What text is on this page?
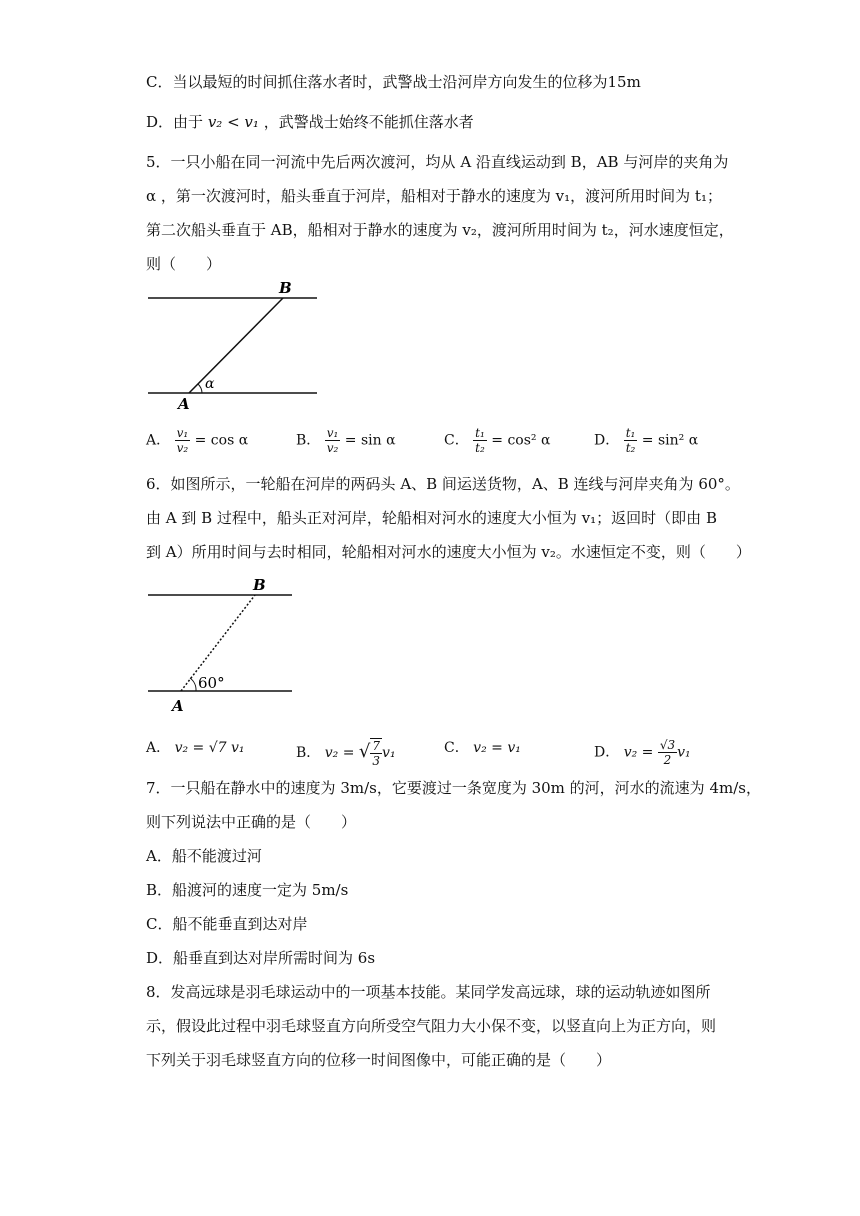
C．当以最短的时间抓住落水者时，武警战士沿河岸方向发生的位移为15m
D．由于 v₂ < v₁ ，武警战士始终不能抓住落水者
5．一只小船在同一河流中先后两次渡河，均从 A 沿直线运动到 B，AB 与河岸的夹角为
α ，第一次渡河时，船头垂直于河岸，船相对于静水的速度为 v₁，渡河所用时间为 t₁；
第二次船头垂直于 AB，船相对于静水的速度为 v₂，渡河所用时间为 t₂，河水速度恒定，
则（　　）
B
A
α
A． $\frac{\text{v₁}}{\text{v₂}} = \cos \alpha$	B． $\frac{\text{v₁}}{\text{v₂}} = \sin \alpha$	C． $\frac{\text{t₁}}{\text{t₂}} = \cos^2$ α	D． $\frac{\text{t₁}}{\text{t₂}} = \sin^2$ α
6．如图所示，一轮船在河岸的两码头 A、B 间运送货物，A、B 连线与河岸夹角为 60°。
由 A 到 B 过程中，船头正对河岸，轮船相对河水的速度大小恒为 v₁；返回时（即由 B
到 A）所用时间与去时相同，轮船相对河水的速度大小恒为 v₂。水速恒定不变，则（　　）
B
A
60°
A． v₂ = √7 v₁	B． v₂ = √ $\frac{7}{3} v_1$	C． v₂ = v₁	D． $v_2 = \frac{√3}{2} v_1$
7．一只船在静水中的速度为 3m/s，它要渡过一条宽度为 30m 的河，河水的流速为 4m/s，
则下列说法中正确的是（　　）
A．船不能渡过河
B．船渡河的速度一定为 5m/s
C．船不能垂直到达对岸
D．船垂直到达对岸所需时间为 6s
8．发高远球是羽毛球运动中的一项基本技能。某同学发高远球，球的运动轨迹如图所
示，假设此过程中羽毛球竖直方向所受空气阻力大小保不变，以竖直向上为正方向，则
下列关于羽毛球竖直方向的位移一时间图像中，可能正确的是（　　）
